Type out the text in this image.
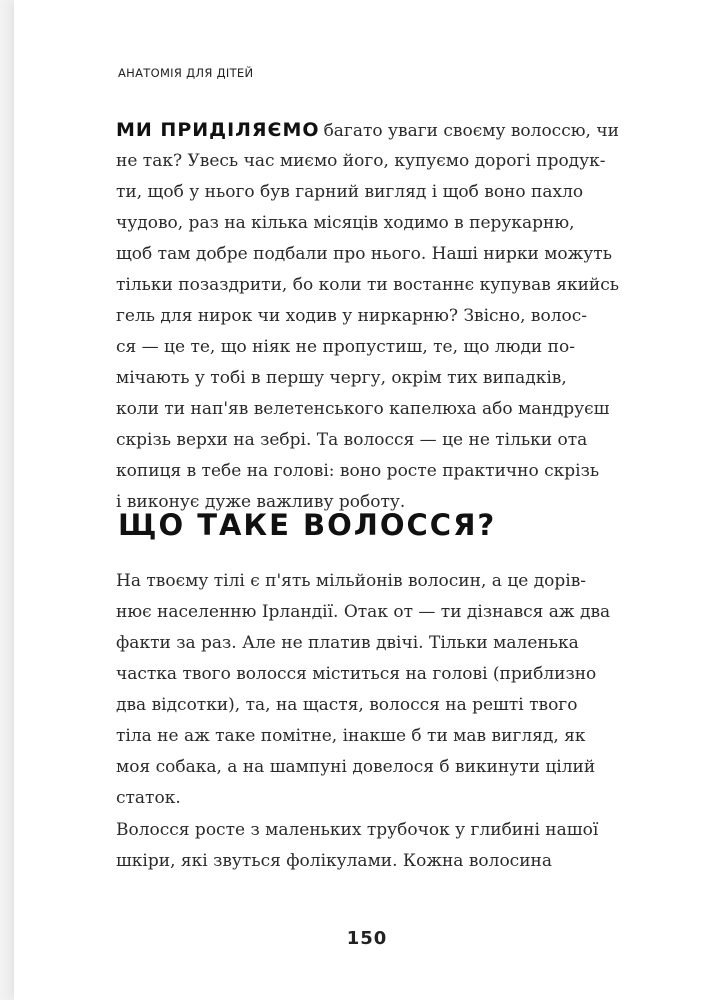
АНАТОМІЯ ДЛЯ ДІТЕЙ
МИ ПРИДІЛЯЄМО багато уваги своєму волоссю, чи
не так? Увесь час миємо його, купуємо дорогі продук-
ти, щоб у нього був гарний вигляд і щоб воно пахло
чудово, раз на кілька місяців ходимо в перукарню,
щоб там добре подбали про нього. Наші нирки можуть
тільки позаздрити, бо коли ти востаннє купував якийсь
гель для нирок чи ходив у ниркарню? Звісно, волос-
ся — це те, що ніяк не пропустиш, те, що люди по-
мічають у тобі в першу чергу, окрім тих випадків,
коли ти нап'яв велетенського капелюха або мандруєш
скрізь верхи на зебрі. Та волосся — це не тільки ота
копиця в тебе на голові: воно росте практично скрізь
і виконує дуже важливу роботу.
ЩО ТАКЕ ВОЛОССЯ?
На твоєму тілі є п'ять мільйонів волосин, а це дорів-
нює населенню Ірландії. Отак от — ти дізнався аж два
факти за раз. Але не платив двічі. Тільки маленька
частка твого волосся міститься на голові (приблизно
два відсотки), та, на щастя, волосся на решті твого
тіла не аж таке помітне, інакше б ти мав вигляд, як
моя собака, а на шампуні довелося б викинути цілий
статок.
Волосся росте з маленьких трубочок у глибині нашої
шкіри, які звуться фолікулами. Кожна волосина
150
